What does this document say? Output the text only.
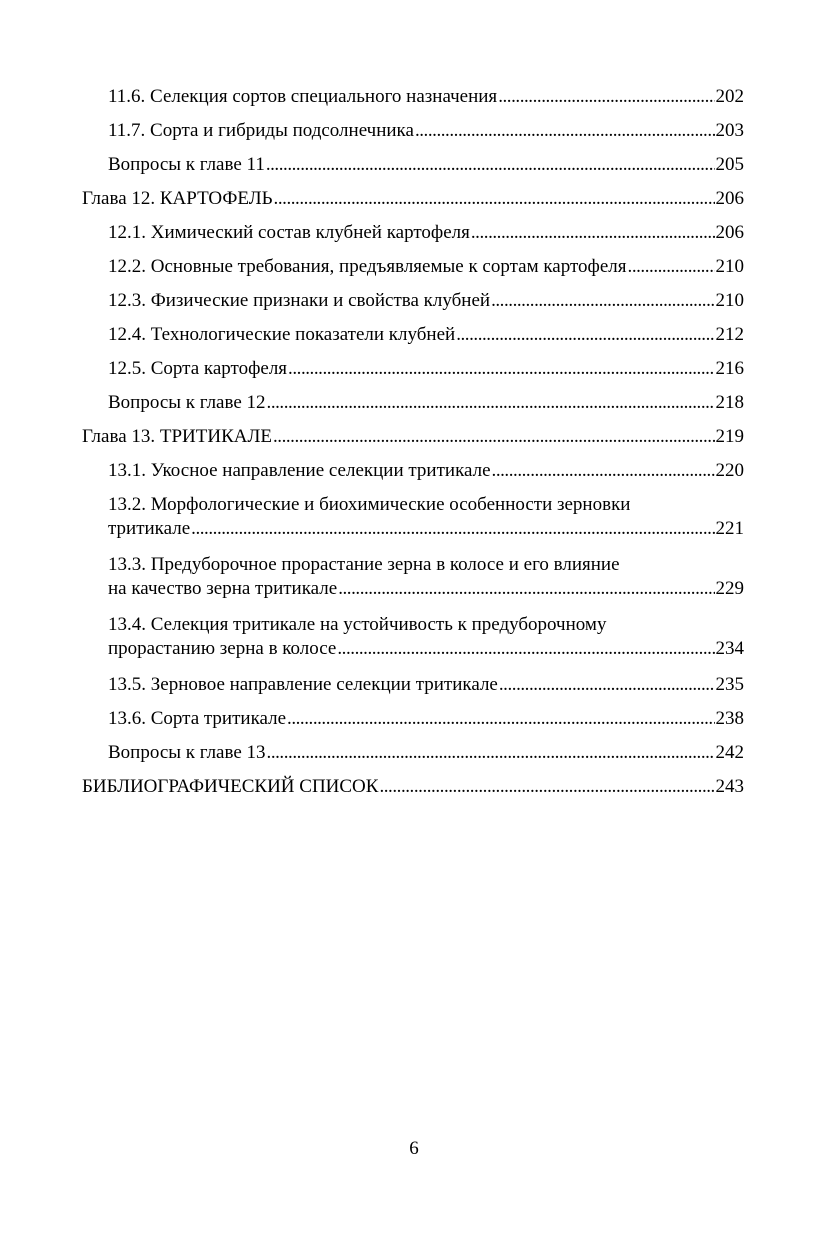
11.6. Селекция сортов специального назначения . . .	202
11.7. Сорта и гибриды подсолнечника . . .	203
Вопросы к главе 11 . . .	205
Глава 12. КАРТОФЕЛЬ . . .	206
12.1. Химический состав клубней картофеля . . .	206
12.2. Основные требования, предъявляемые к сортам картофеля . . .	210
12.3. Физические признаки и свойства клубней . . .	210
12.4. Технологические показатели клубней . . .	212
12.5. Сорта картофеля . . .	216
Вопросы к главе 12 . . .	218
Глава 13. ТРИТИКАЛЕ . . .	219
13.1. Укосное направление селекции тритикале . . .	220
13.2. Морфологические и биохимические особенности зерновки
тритикале . . .	221
13.3. Предуборочное прорастание зерна в колосе и его влияние
на качество зерна тритикале . . .	229
13.4. Селекция тритикале на устойчивость к предуборочному
прорастанию зерна в колосе . . .	234
13.5. Зерновое направление селекции тритикале . . .	235
13.6. Сорта тритикале . . .	238
Вопросы к главе 13 . . .	242
БИБЛИОГРАФИЧЕСКИЙ СПИСОК . . .	243
6
